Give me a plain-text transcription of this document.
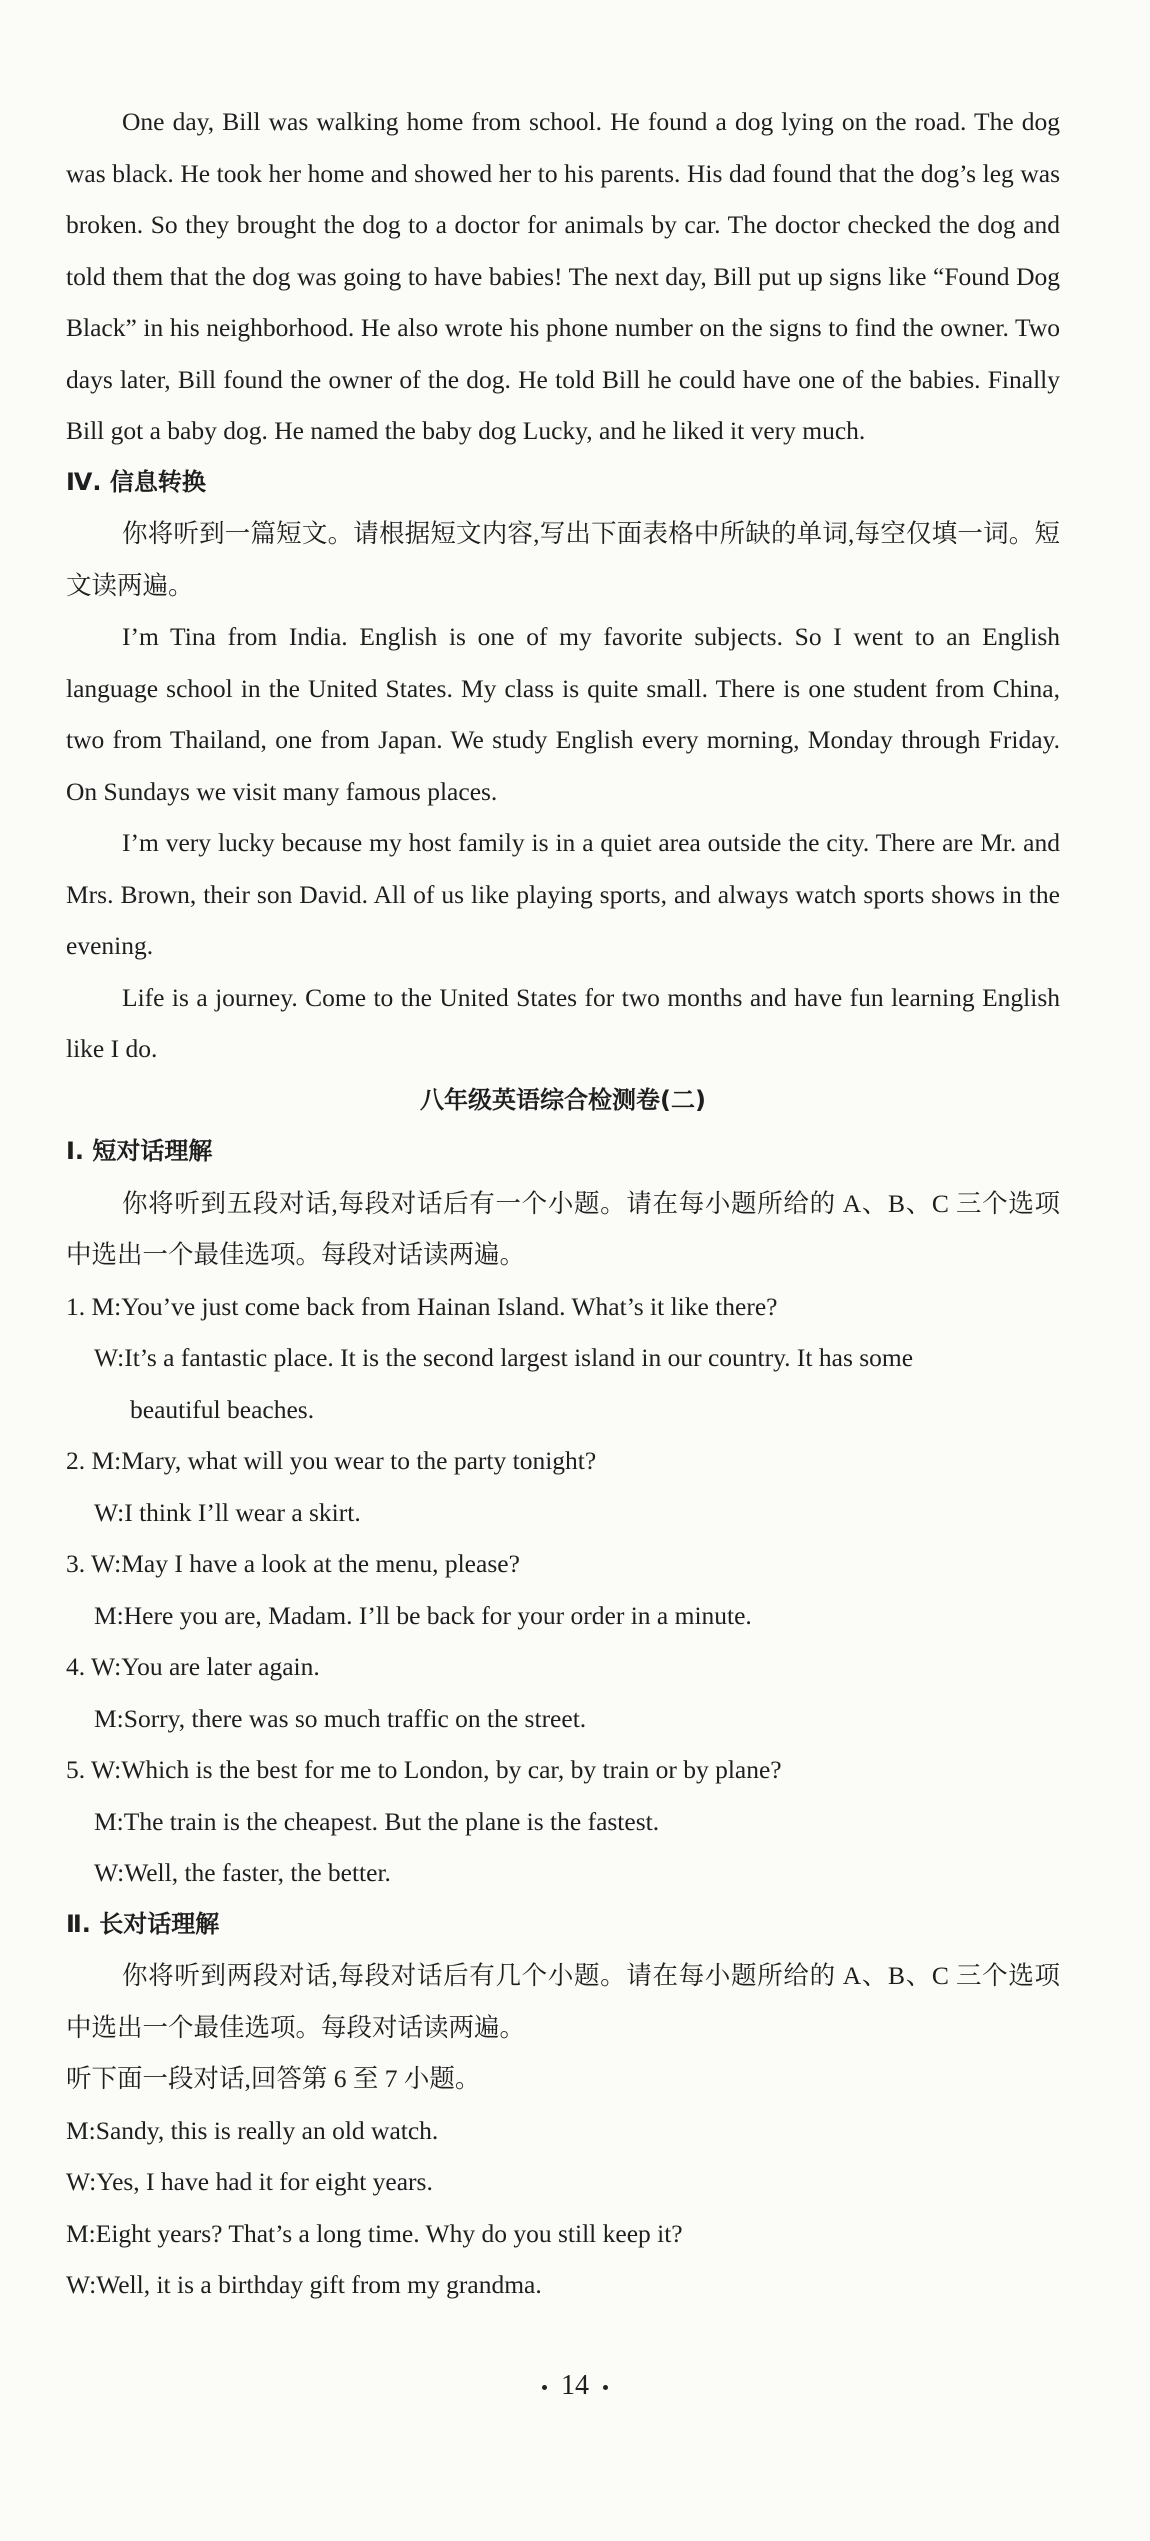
One day, Bill was walking home from school. He found a dog lying on the road. The dog was black. He took her home and showed her to his parents. His dad found that the dog’s leg was broken. So they brought the dog to a doctor for animals by car. The doctor checked the dog and told them that the dog was going to have babies! The next day, Bill put up signs like “Found Dog Black” in his neighborhood. He also wrote his phone number on the signs to find the owner. Two days later, Bill found the owner of the dog. He told Bill he could have one of the babies. Finally Bill got a baby dog. He named the baby dog Lucky, and he liked it very much.

Ⅳ. 信息转换

你将听到一篇短文。请根据短文内容,写出下面表格中所缺的单词,每空仅填一词。短文读两遍。

I’m Tina from India. English is one of my favorite subjects. So I went to an English language school in the United States. My class is quite small. There is one student from China, two from Thailand, one from Japan. We study English every morning, Monday through Friday. On Sundays we visit many famous places.

I’m very lucky because my host family is in a quiet area outside the city. There are Mr. and Mrs. Brown, their son David. All of us like playing sports, and always watch sports shows in the evening.

Life is a journey. Come to the United States for two months and have fun learning English like I do.

八年级英语综合检测卷(二)

Ⅰ. 短对话理解

你将听到五段对话,每段对话后有一个小题。请在每小题所给的 A、B、C 三个选项中选出一个最佳选项。每段对话读两遍。

1. M:You’ve just come back from Hainan Island. What’s it like there?

W:It’s a fantastic place. It is the second largest island in our country. It has some

beautiful beaches.

2. M:Mary, what will you wear to the party tonight?

W:I think I’ll wear a skirt.

3. W:May I have a look at the menu, please?

M:Here you are, Madam. I’ll be back for your order in a minute.

4. W:You are later again.

M:Sorry, there was so much traffic on the street.

5. W:Which is the best for me to London, by car, by train or by plane?

M:The train is the cheapest. But the plane is the fastest.

W:Well, the faster, the better.

Ⅱ. 长对话理解

你将听到两段对话,每段对话后有几个小题。请在每小题所给的 A、B、C 三个选项中选出一个最佳选项。每段对话读两遍。

听下面一段对话,回答第 6 至 7 小题。

M:Sandy, this is really an old watch.

W:Yes, I have had it for eight years.

M:Eight years? That’s a long time. Why do you still keep it?

W:Well, it is a birthday gift from my grandma.

14
